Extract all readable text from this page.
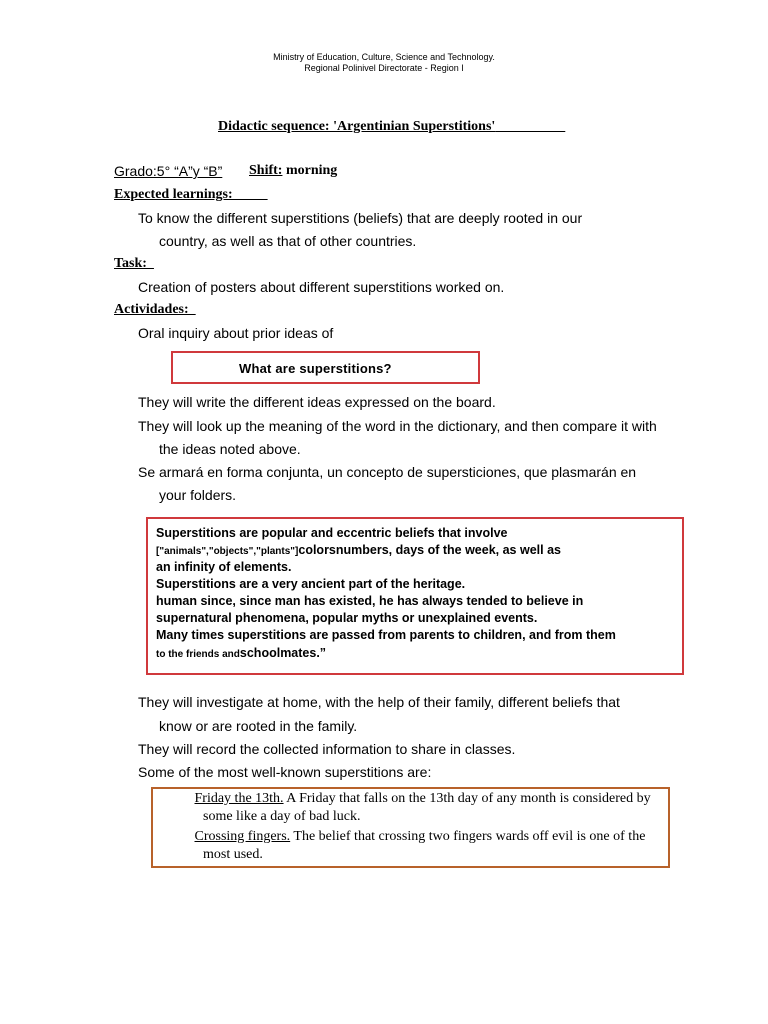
Ministry of Education, Culture, Science and Technology.
Regional Polinivel Directorate - Region I
Didactic sequence: 'Argentinian Superstitions'
Grado:5° “A”y “B” Shift: morning
Expected learnings:
To know the different superstitions (beliefs) that are deeply rooted in our
country, as well as that of other countries.
Task:
Creation of posters about different superstitions worked on.
Actividades:
Oral inquiry about prior ideas of
What are superstitions?
They will write the different ideas expressed on the board.
They will look up the meaning of the word in the dictionary, and then compare it with
the ideas noted above.
Se armará en forma conjunta, un concepto de supersticiones, que plasmarán en
your folders.
Superstitions are popular and eccentric beliefs that involve
["animals","objects","plants"]colorsnumbers, days of the week, as well as
an infinity of elements.
Superstitions are a very ancient part of the heritage.
human since, since man has existed, he has always tended to believe in
supernatural phenomena, popular myths or unexplained events.
Many times superstitions are passed from parents to children, and from them
to the friends andschoolmates.”
They will investigate at home, with the help of their family, different beliefs that
know or are rooted in the family.
They will record the collected information to share in classes.
Some of the most well-known superstitions are:
Friday the 13th. A Friday that falls on the 13th day of any month is considered by
some like a day of bad luck.
Crossing fingers. The belief that crossing two fingers wards off evil is one of the
most used.
